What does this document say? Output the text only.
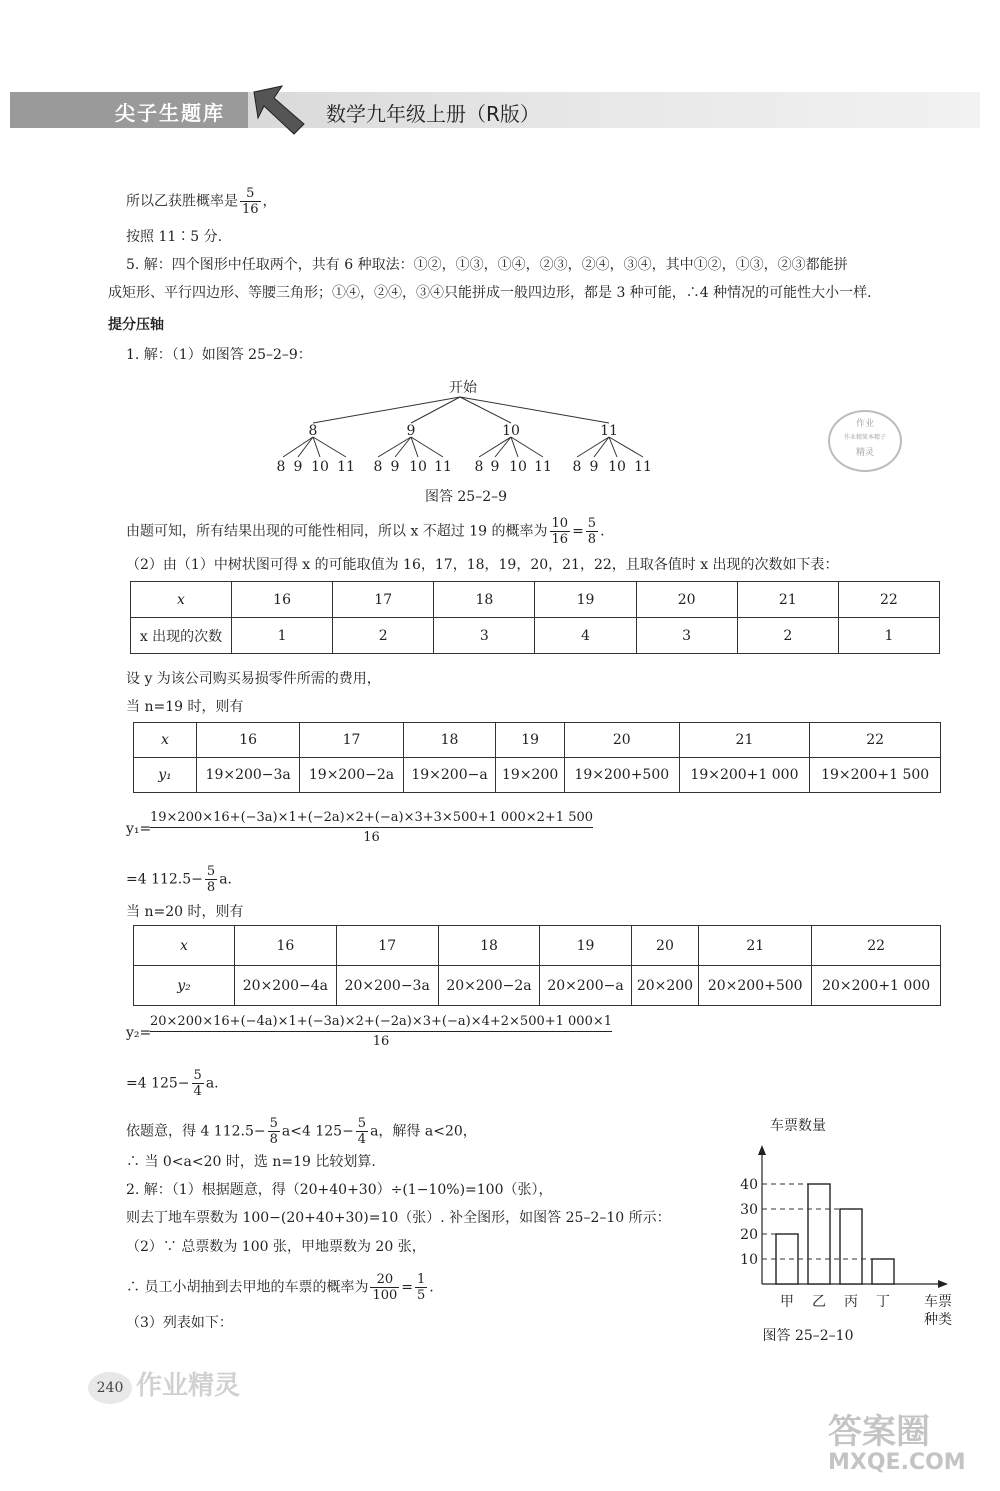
尖子生题库	数学九年级上册（R版）
所以乙获胜概率是 $\frac{5}{16}$ ，
按照 11∶5 分.
5. 解：四个图形中任取两个，共有 6 种取法：①②，①③，①④，②③，②④，③④，其中①②，①③，②③都能拼
成矩形、平行四边形、等腰三角形；①④，②④，③④只能拼成一般四边形，都是 3 种可能，∴4 种情况的可能性大小一样.
提分压轴
1. 解：（1）如图答 25–2–9：
开始
8	9	10	11
8 9 10 11 8 9 10 11 8 9 10 11 8 9 10 11
图答 25–2–9
作业
作业精简本精子
精灵
由题可知，所有结果出现的可能性相同，所以 x 不超过 19 的概率为 $\frac{10}{16} = \frac{5}{8}$ .
（2）由（1）中树状图可得 x 的可能取值为 16，17，18，19，20，21，22，且取各值时 x 出现的次数如下表：
x	16	17	18	19	20	21	22
x 出现的次数	1	2	3	4	3	2	1
设 y 为该公司购买易损零件所需的费用，
当 n=19 时，则有
x	16	17	18	19	20	21	22
y₁	19×200−3a	19×200−2a	19×200−a	19×200	19×200+500	19×200+1 000	19×200+1 500
y₁=
$\frac{19\times 200\times 16+(-3a)\times 1+(-2a)\times 2+(-a)\times 3+3\times 500+1 000\times 2+1 500}{16}$
=4 $112.5- \frac{5}{8} a$.
当 n=20 时，则有
x	16	17	18	19	20	21	22
y₂	20×200−4a	20×200−3a	20×200−2a	20×200−a	20×200	20×200+500	20×200+1 000
y₂=
$\frac{20\times 200\times 16+(-4a)\times 1+(-3a)\times 2+(-2a)\times 3+(-a)\times 4+2\times 500+1 000\times 1}{16}$
=4 $125- \frac{5}{4} a$.
依题意，得 4 $112.5- \frac{5}{8} a<4$ $125- \frac{5}{4}$ a，解得 a<20，
∴ 当 0<a<20 时，选 n=19 比较划算.
2. 解：（1）根据题意，得（20+40+30）÷(1−10%)=100（张），
则去丁地车票数为 100−(20+40+30)=10（张）. 补全图形，如图答 25–2–10 所示：
（2）∵ 总票数为 100 张，甲地票数为 20 张，
∴ 员工小胡抽到去甲地的车票的概率为 $\frac{20}{100} = \frac{1}{5}$ .
（3）列表如下：
车票数量
图答 25–2–10
10
20
30
40
甲 乙 丙 丁 车票
种类
240 作业精灵
答案圈
MXQE.COM
